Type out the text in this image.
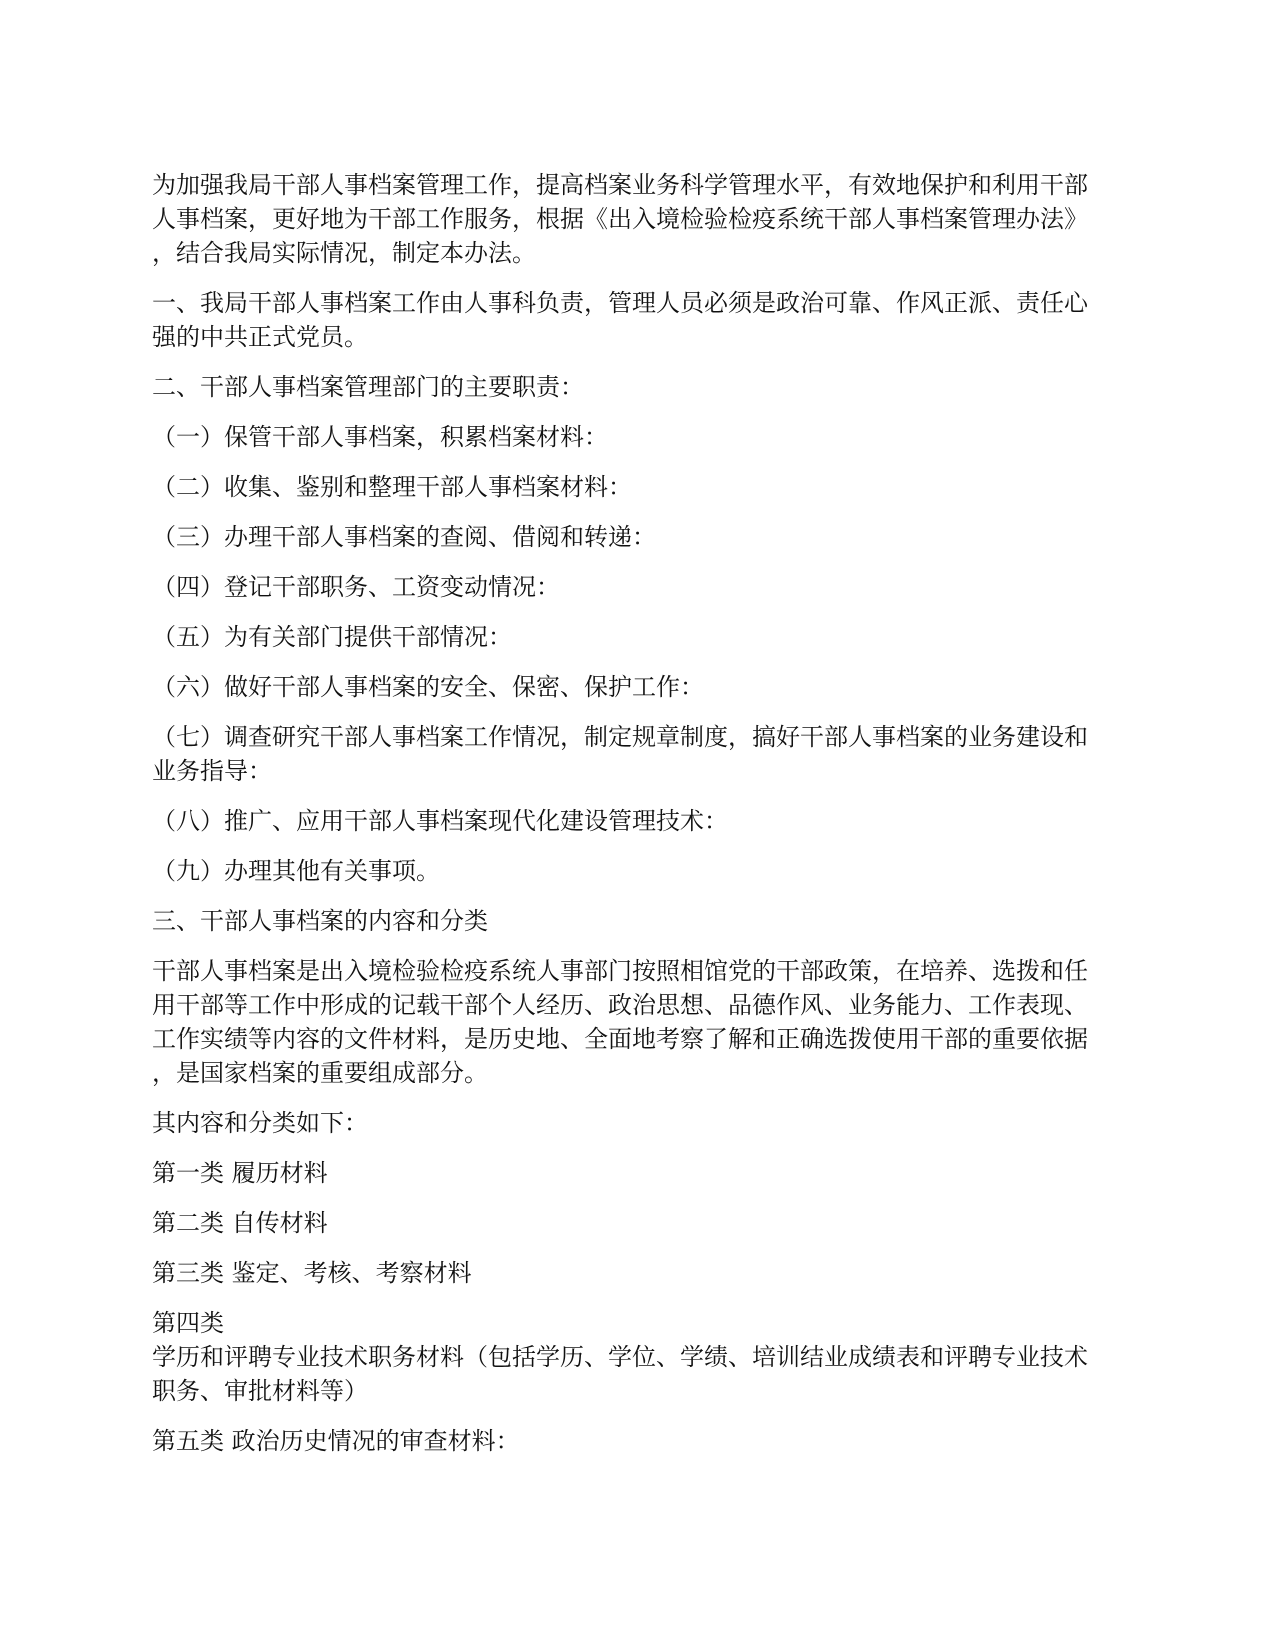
为加强我局干部人事档案管理工作，提高档案业务科学管理水平，有效地保护和利用干部
人事档案，更好地为干部工作服务，根据《出入境检验检疫系统干部人事档案管理办法》
，结合我局实际情况，制定本办法。

一、我局干部人事档案工作由人事科负责，管理人员必须是政治可靠、作风正派、责任心
强的中共正式党员。

二、干部人事档案管理部门的主要职责：

（一）保管干部人事档案，积累档案材料：

（二）收集、鉴别和整理干部人事档案材料：

（三）办理干部人事档案的查阅、借阅和转递：

（四）登记干部职务、工资变动情况：

（五）为有关部门提供干部情况：

（六）做好干部人事档案的安全、保密、保护工作：

（七）调查研究干部人事档案工作情况，制定规章制度，搞好干部人事档案的业务建设和
业务指导：

（八）推广、应用干部人事档案现代化建设管理技术：

（九）办理其他有关事项。

三、干部人事档案的内容和分类

干部人事档案是出入境检验检疫系统人事部门按照相馆党的干部政策，在培养、选拨和任
用干部等工作中形成的记载干部个人经历、政治思想、品德作风、业务能力、工作表现、
工作实绩等内容的文件材料，是历史地、全面地考察了解和正确选拨使用干部的重要依据
，是国家档案的重要组成部分。

其内容和分类如下：

第一类 履历材料

第二类 自传材料

第三类 鉴定、考核、考察材料

第四类
学历和评聘专业技术职务材料（包括学历、学位、学绩、培训结业成绩表和评聘专业技术
职务、审批材料等）

第五类 政治历史情况的审查材料：
